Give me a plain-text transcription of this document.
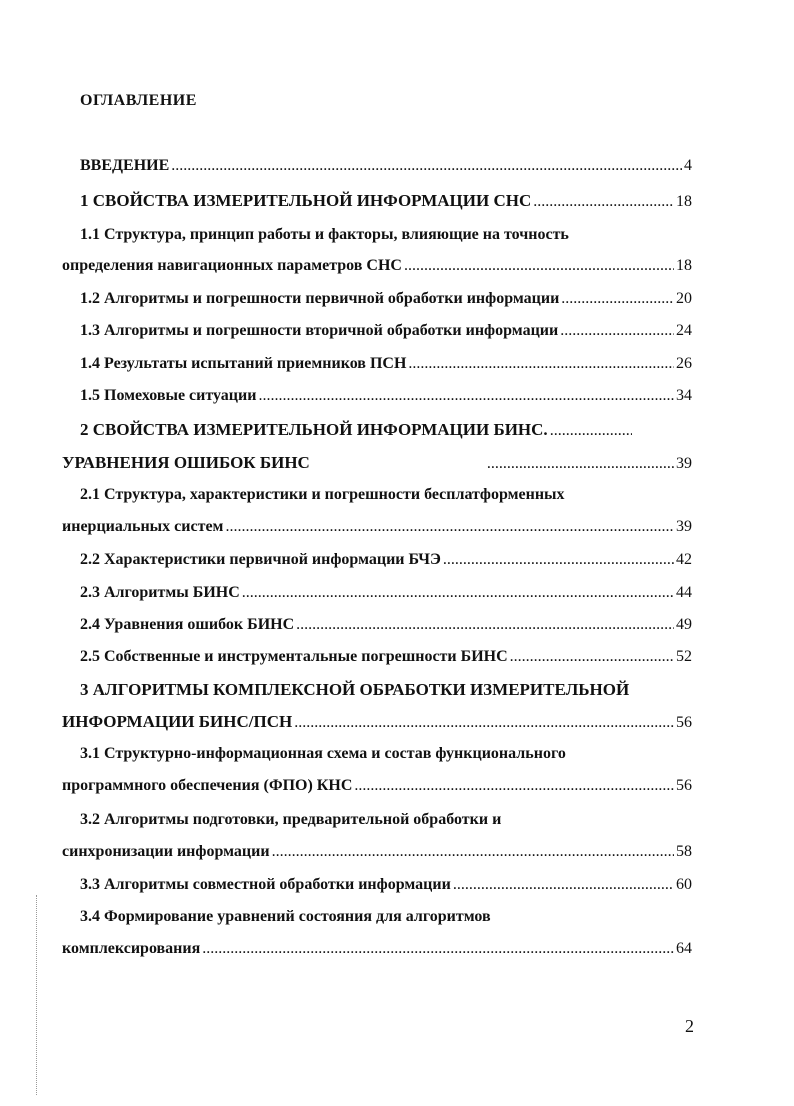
ОГЛАВЛЕНИЕ
ВВЕДЕНИЕ .....	4
1 СВОЙСТВА ИЗМЕРИТЕЛЬНОЙ ИНФОРМАЦИИ СНС .....	18
1.1 Структура, принцип работы и факторы, влияющие на точность
определения навигационных параметров СНС .....	18
1.2 Алгоритмы и погрешности первичной обработки информации .....	20
1.3 Алгоритмы и погрешности вторичной обработки информации .....	24
1.4 Результаты испытаний приемников ПСН .....	26
1.5 Помеховые ситуации .....	34
2 СВОЙСТВА ИЗМЕРИТЕЛЬНОЙ ИНФОРМАЦИИ БИНС.
.....
УРАВНЕНИЯ ОШИБОК БИНС .....	39
2.1 Структура, характеристики и погрешности бесплатформенных
инерциальных систем .....	39
2.2 Характеристики первичной информации БЧЭ .....	42
2.3 Алгоритмы БИНС .....	44
2.4 Уравнения ошибок БИНС .....	49
2.5 Собственные и инструментальные погрешности БИНС .....	52
3 АЛГОРИТМЫ КОМПЛЕКСНОЙ ОБРАБОТКИ ИЗМЕРИТЕЛЬНОЙ
ИНФОРМАЦИИ БИНС/ПСН .....	56
3.1 Структурно-информационная схема и состав функционального
программного обеспечения (ФПО) КНС .....	56
3.2 Алгоритмы подготовки, предварительной обработки и
синхронизации информации .....	58
3.3 Алгоритмы совместной обработки информации .....	60
3.4 Формирование уравнений состояния для алгоритмов
комплексирования .....	64
2
